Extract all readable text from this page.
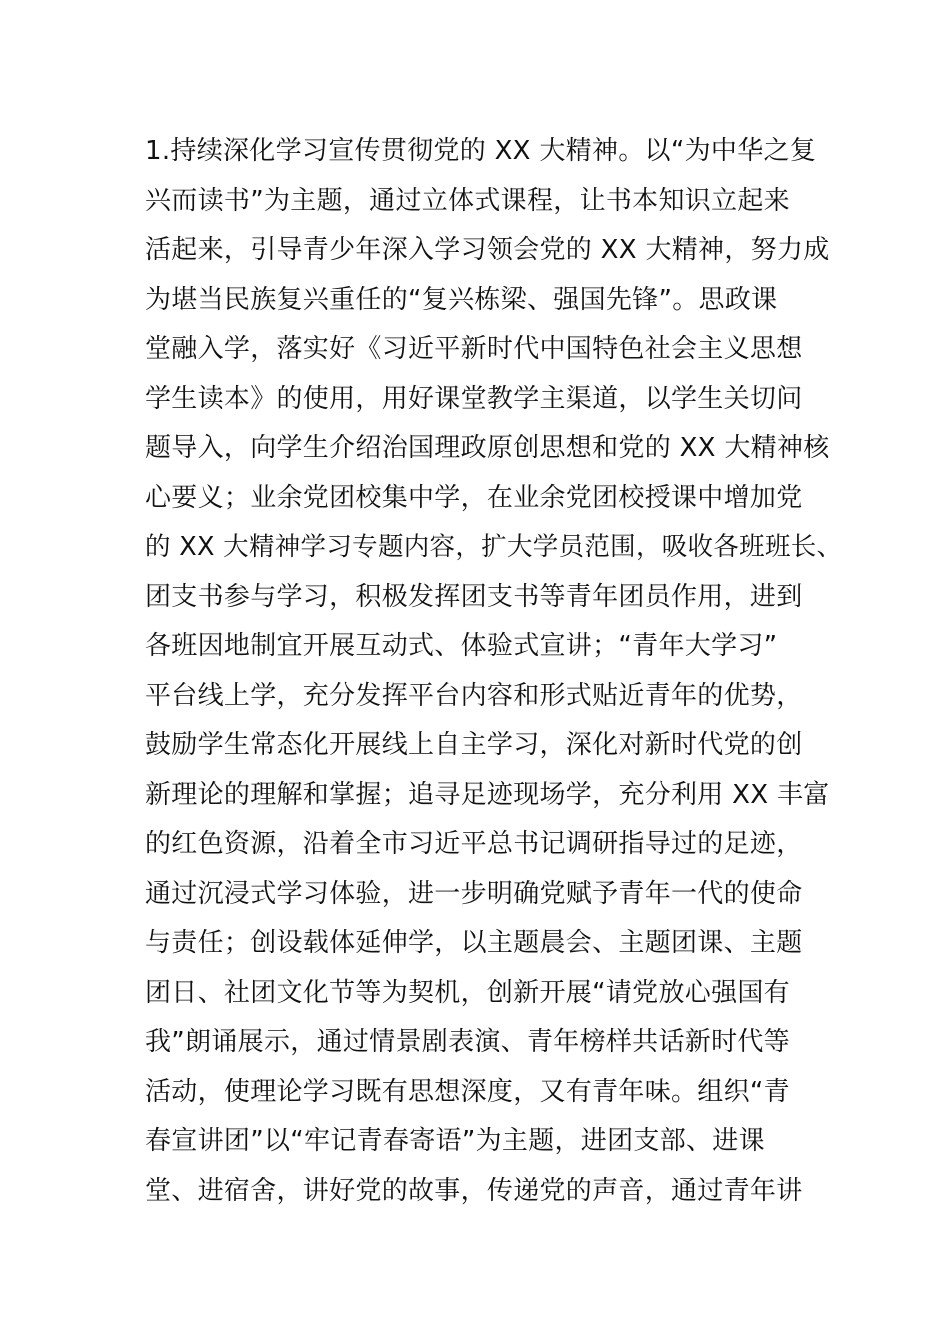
1.持续深化学习宣传贯彻党的 XX 大精神。以“为中华之复
兴而读书”为主题，通过立体式课程，让书本知识立起来
活起来，引导青少年深入学习领会党的 XX 大精神，努力成
为堪当民族复兴重任的“复兴栋梁、强国先锋”。思政课
堂融入学，落实好《习近平新时代中国特色社会主义思想
学生读本》的使用，用好课堂教学主渠道，以学生关切问
题导入，向学生介绍治国理政原创思想和党的 XX 大精神核
心要义；业余党团校集中学，在业余党团校授课中增加党
的 XX 大精神学习专题内容，扩大学员范围，吸收各班班长、
团支书参与学习，积极发挥团支书等青年团员作用，进到
各班因地制宜开展互动式、体验式宣讲；“青年大学习”
平台线上学，充分发挥平台内容和形式贴近青年的优势，
鼓励学生常态化开展线上自主学习，深化对新时代党的创
新理论的理解和掌握；追寻足迹现场学，充分利用 XX 丰富
的红色资源，沿着全市习近平总书记调研指导过的足迹，
通过沉浸式学习体验，进一步明确党赋予青年一代的使命
与责任；创设载体延伸学，以主题晨会、主题团课、主题
团日、社团文化节等为契机，创新开展“请党放心强国有
我”朗诵展示，通过情景剧表演、青年榜样共话新时代等
活动，使理论学习既有思想深度，又有青年味。组织“青
春宣讲团”以“牢记青春寄语”为主题，进团支部、进课
堂、进宿舍，讲好党的故事，传递党的声音，通过青年讲
